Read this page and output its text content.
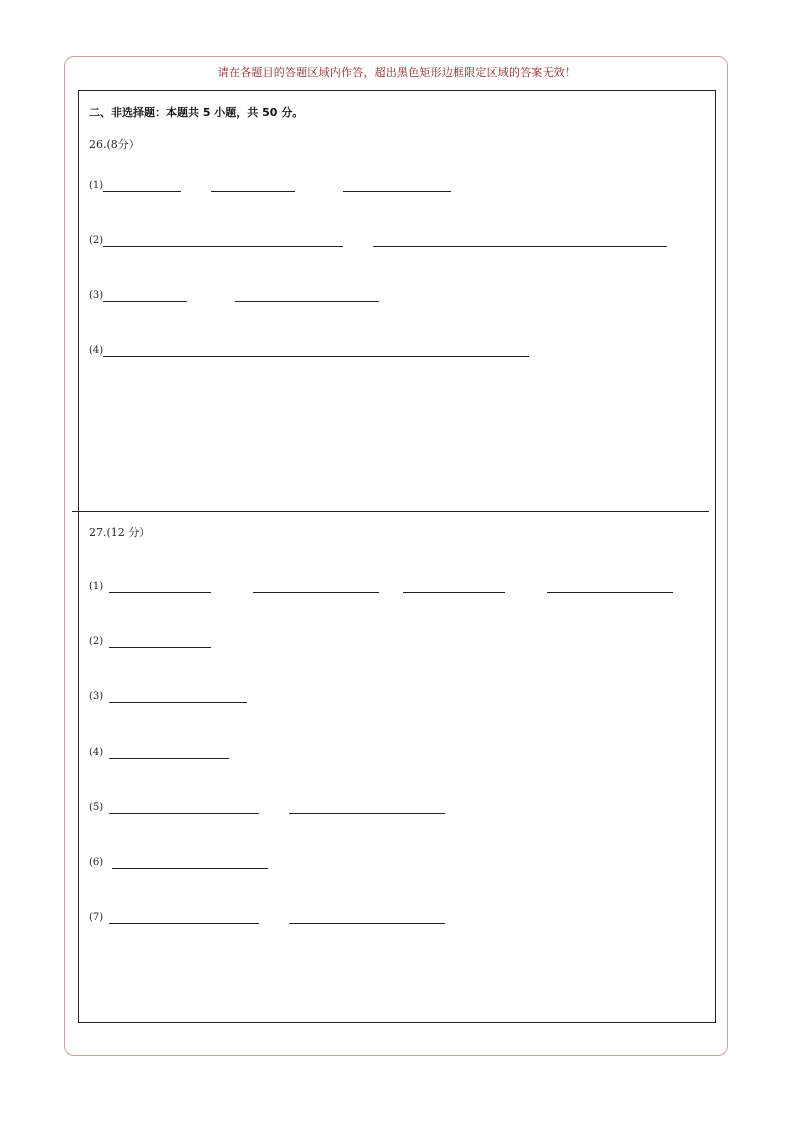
请在各题目的答题区域内作答，超出黑色矩形边框限定区域的答案无效！
二、非选择题：本题共 5 小题，共 50 分。
26.(8分）
(1)
(2)
(3)
(4)
27.(12 分）
(1)
(2)
(3)
(4)
(5)
(6)
(7)
